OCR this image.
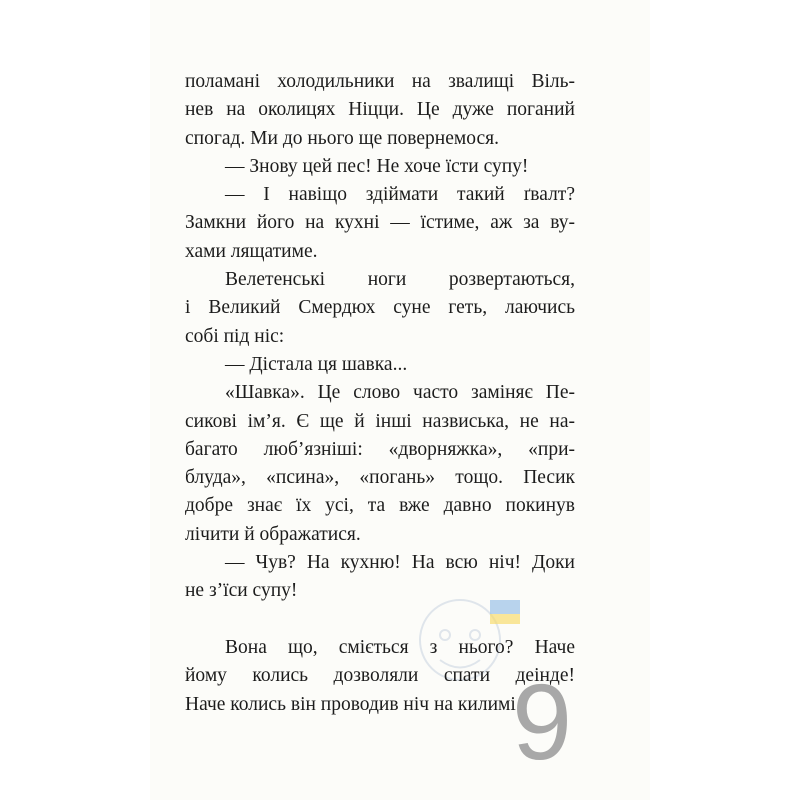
поламані холодильники на звалищі Віль-
нев на околицях Ніцци. Це дуже поганий
спогад. Ми до нього ще повернемося.
— Знову цей пес! Не хоче їсти супу!
— І навіщо здіймати такий ґвалт?
Замкни його на кухні — їстиме, аж за ву-
хами лящатиме.
Велетенські ноги розвертаються,
і Великий Смердюх суне геть, лаючись
собі під ніс:
— Дістала ця шавка...
«Шавка». Це слово часто заміняє Пе-
сикові ім’я. Є ще й інші назвиська, не на-
багато люб’язніші: «дворняжка», «при-
блуда», «псина», «погань» тощо. Песик
добре знає їх усі, та вже давно покинув
лічити й ображатися.
— Чув? На кухню! На всю ніч! Доки
не з’їси супу!
Вона що, сміється з нього? Наче
йому колись дозволяли спати деінде!
Наче колись він проводив ніч на килимі
9
